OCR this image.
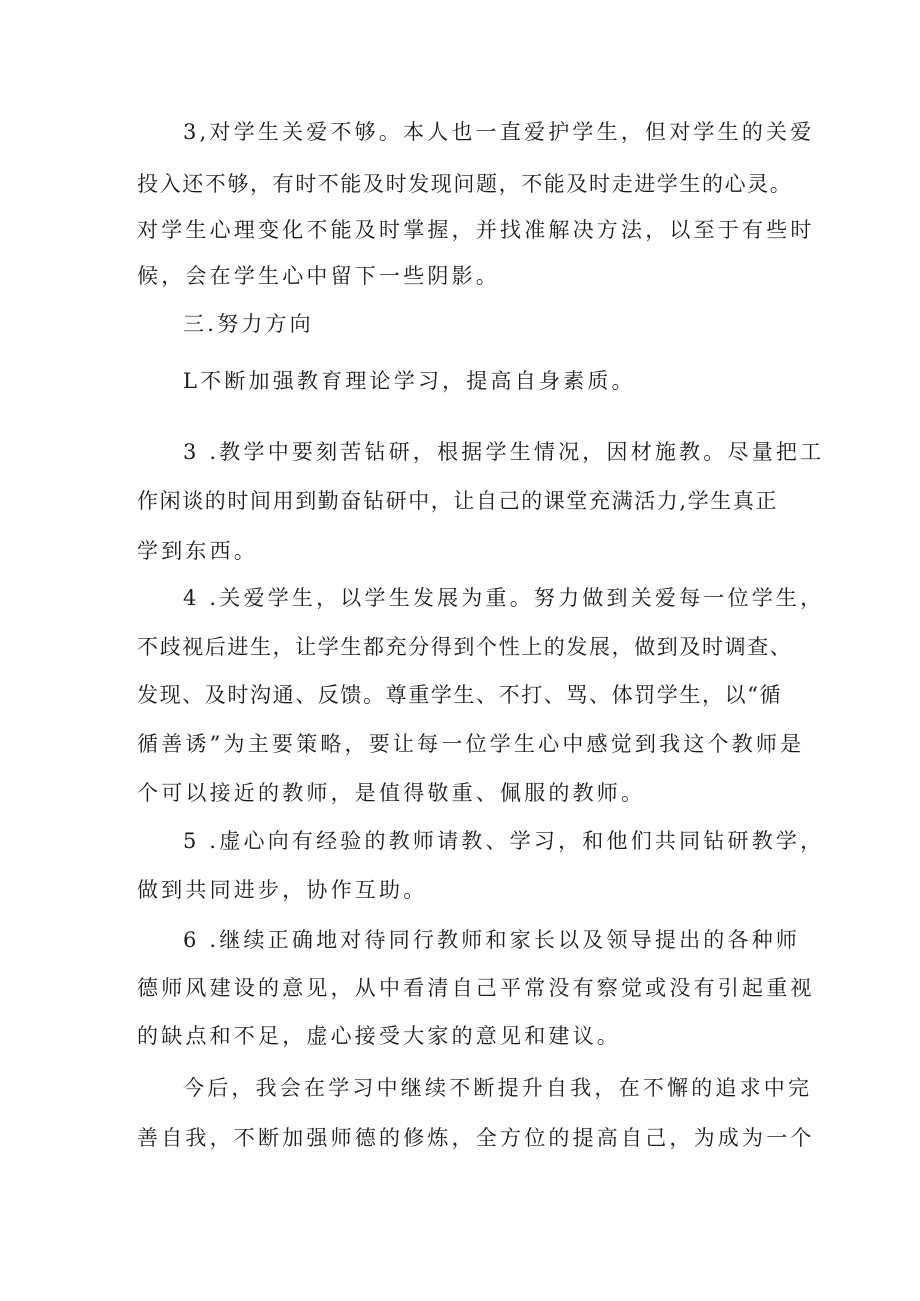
3,对学生关爱不够。本人也一直爱护学生，但对学生的关爱
投入还不够，有时不能及时发现问题，不能及时走进学生的心灵。
对学生心理变化不能及时掌握，并找准解决方法，以至于有些时
候，会在学生心中留下一些阴影。
三.努力方向
L不断加强教育理论学习，提高自身素质。
3 .教学中要刻苦钻研，根据学生情况，因材施教。尽量把工
作闲谈的时间用到勤奋钻研中，让自己的课堂充满活力,学生真正
学到东西。
4 .关爱学生，以学生发展为重。努力做到关爱每一位学生，
不歧视后进生，让学生都充分得到个性上的发展，做到及时调查、
发现、及时沟通、反馈。尊重学生、不打、骂、体罚学生，以“循
循善诱”为主要策略，要让每一位学生心中感觉到我这个教师是
个可以接近的教师，是值得敬重、佩服的教师。
5 .虚心向有经验的教师请教、学习，和他们共同钻研教学，
做到共同进步，协作互助。
6 .继续正确地对待同行教师和家长以及领导提出的各种师
德师风建设的意见，从中看清自己平常没有察觉或没有引起重视
的缺点和不足，虚心接受大家的意见和建议。
今后，我会在学习中继续不断提升自我，在不懈的追求中完
善自我，不断加强师德的修炼，全方位的提高自己，为成为一个
